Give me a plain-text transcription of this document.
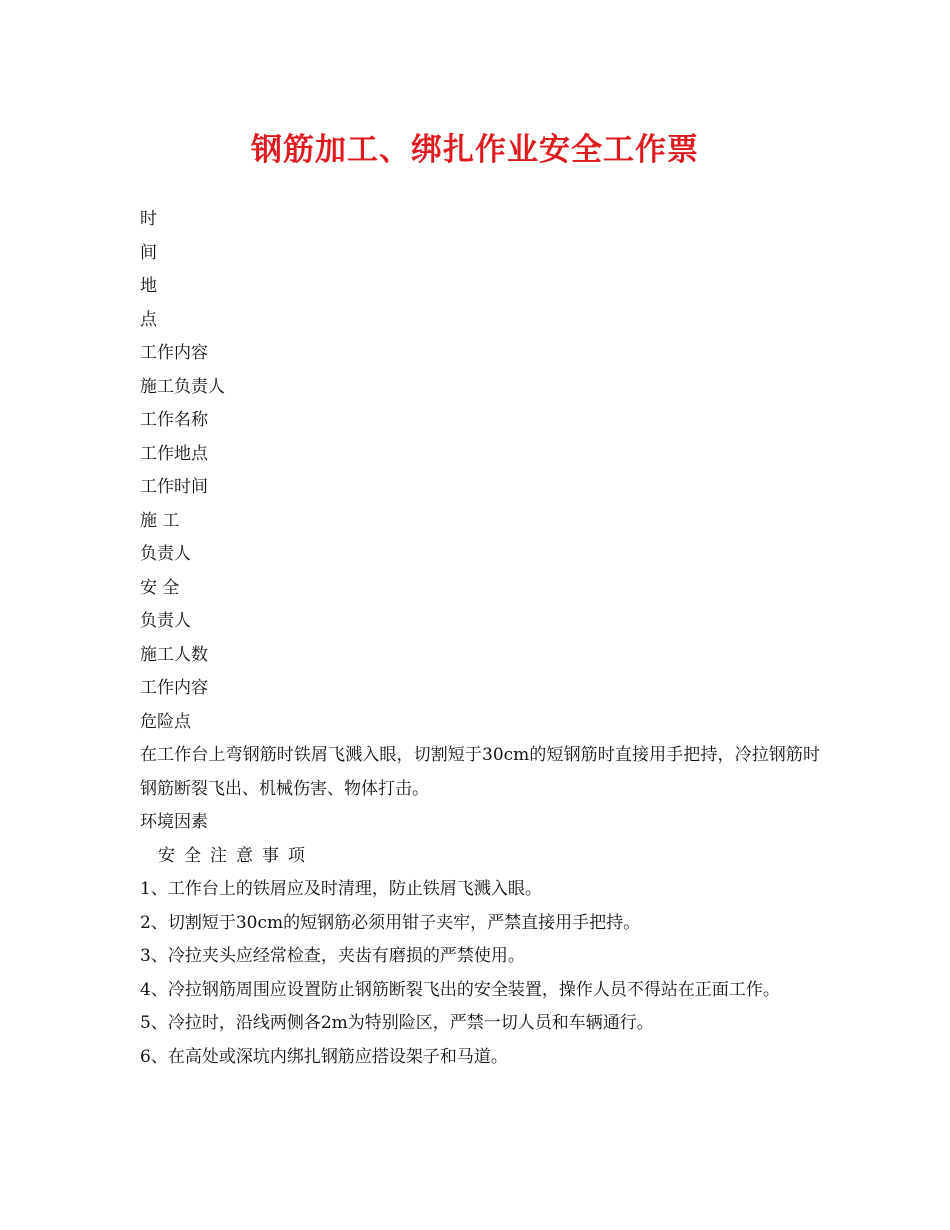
钢筋加工、绑扎作业安全工作票

时

间

地

点

工作内容

施工负责人

工作名称

工作地点

工作时间

施 工

负责人

安 全

负责人

施工人数

工作内容

危险点

在工作台上弯钢筋时铁屑飞溅入眼，切割短于30cm的短钢筋时直接用手把持，冷拉钢筋时钢筋断裂飞出、机械伤害、物体打击。

环境因素

安全注意事项

1、工作台上的铁屑应及时清理，防止铁屑飞溅入眼。

2、切割短于30cm的短钢筋必须用钳子夹牢，严禁直接用手把持。

3、冷拉夹头应经常检查，夹齿有磨损的严禁使用。

4、冷拉钢筋周围应设置防止钢筋断裂飞出的安全装置，操作人员不得站在正面工作。

5、冷拉时，沿线两侧各2m为特别险区，严禁一切人员和车辆通行。

6、在高处或深坑内绑扎钢筋应搭设架子和马道。
